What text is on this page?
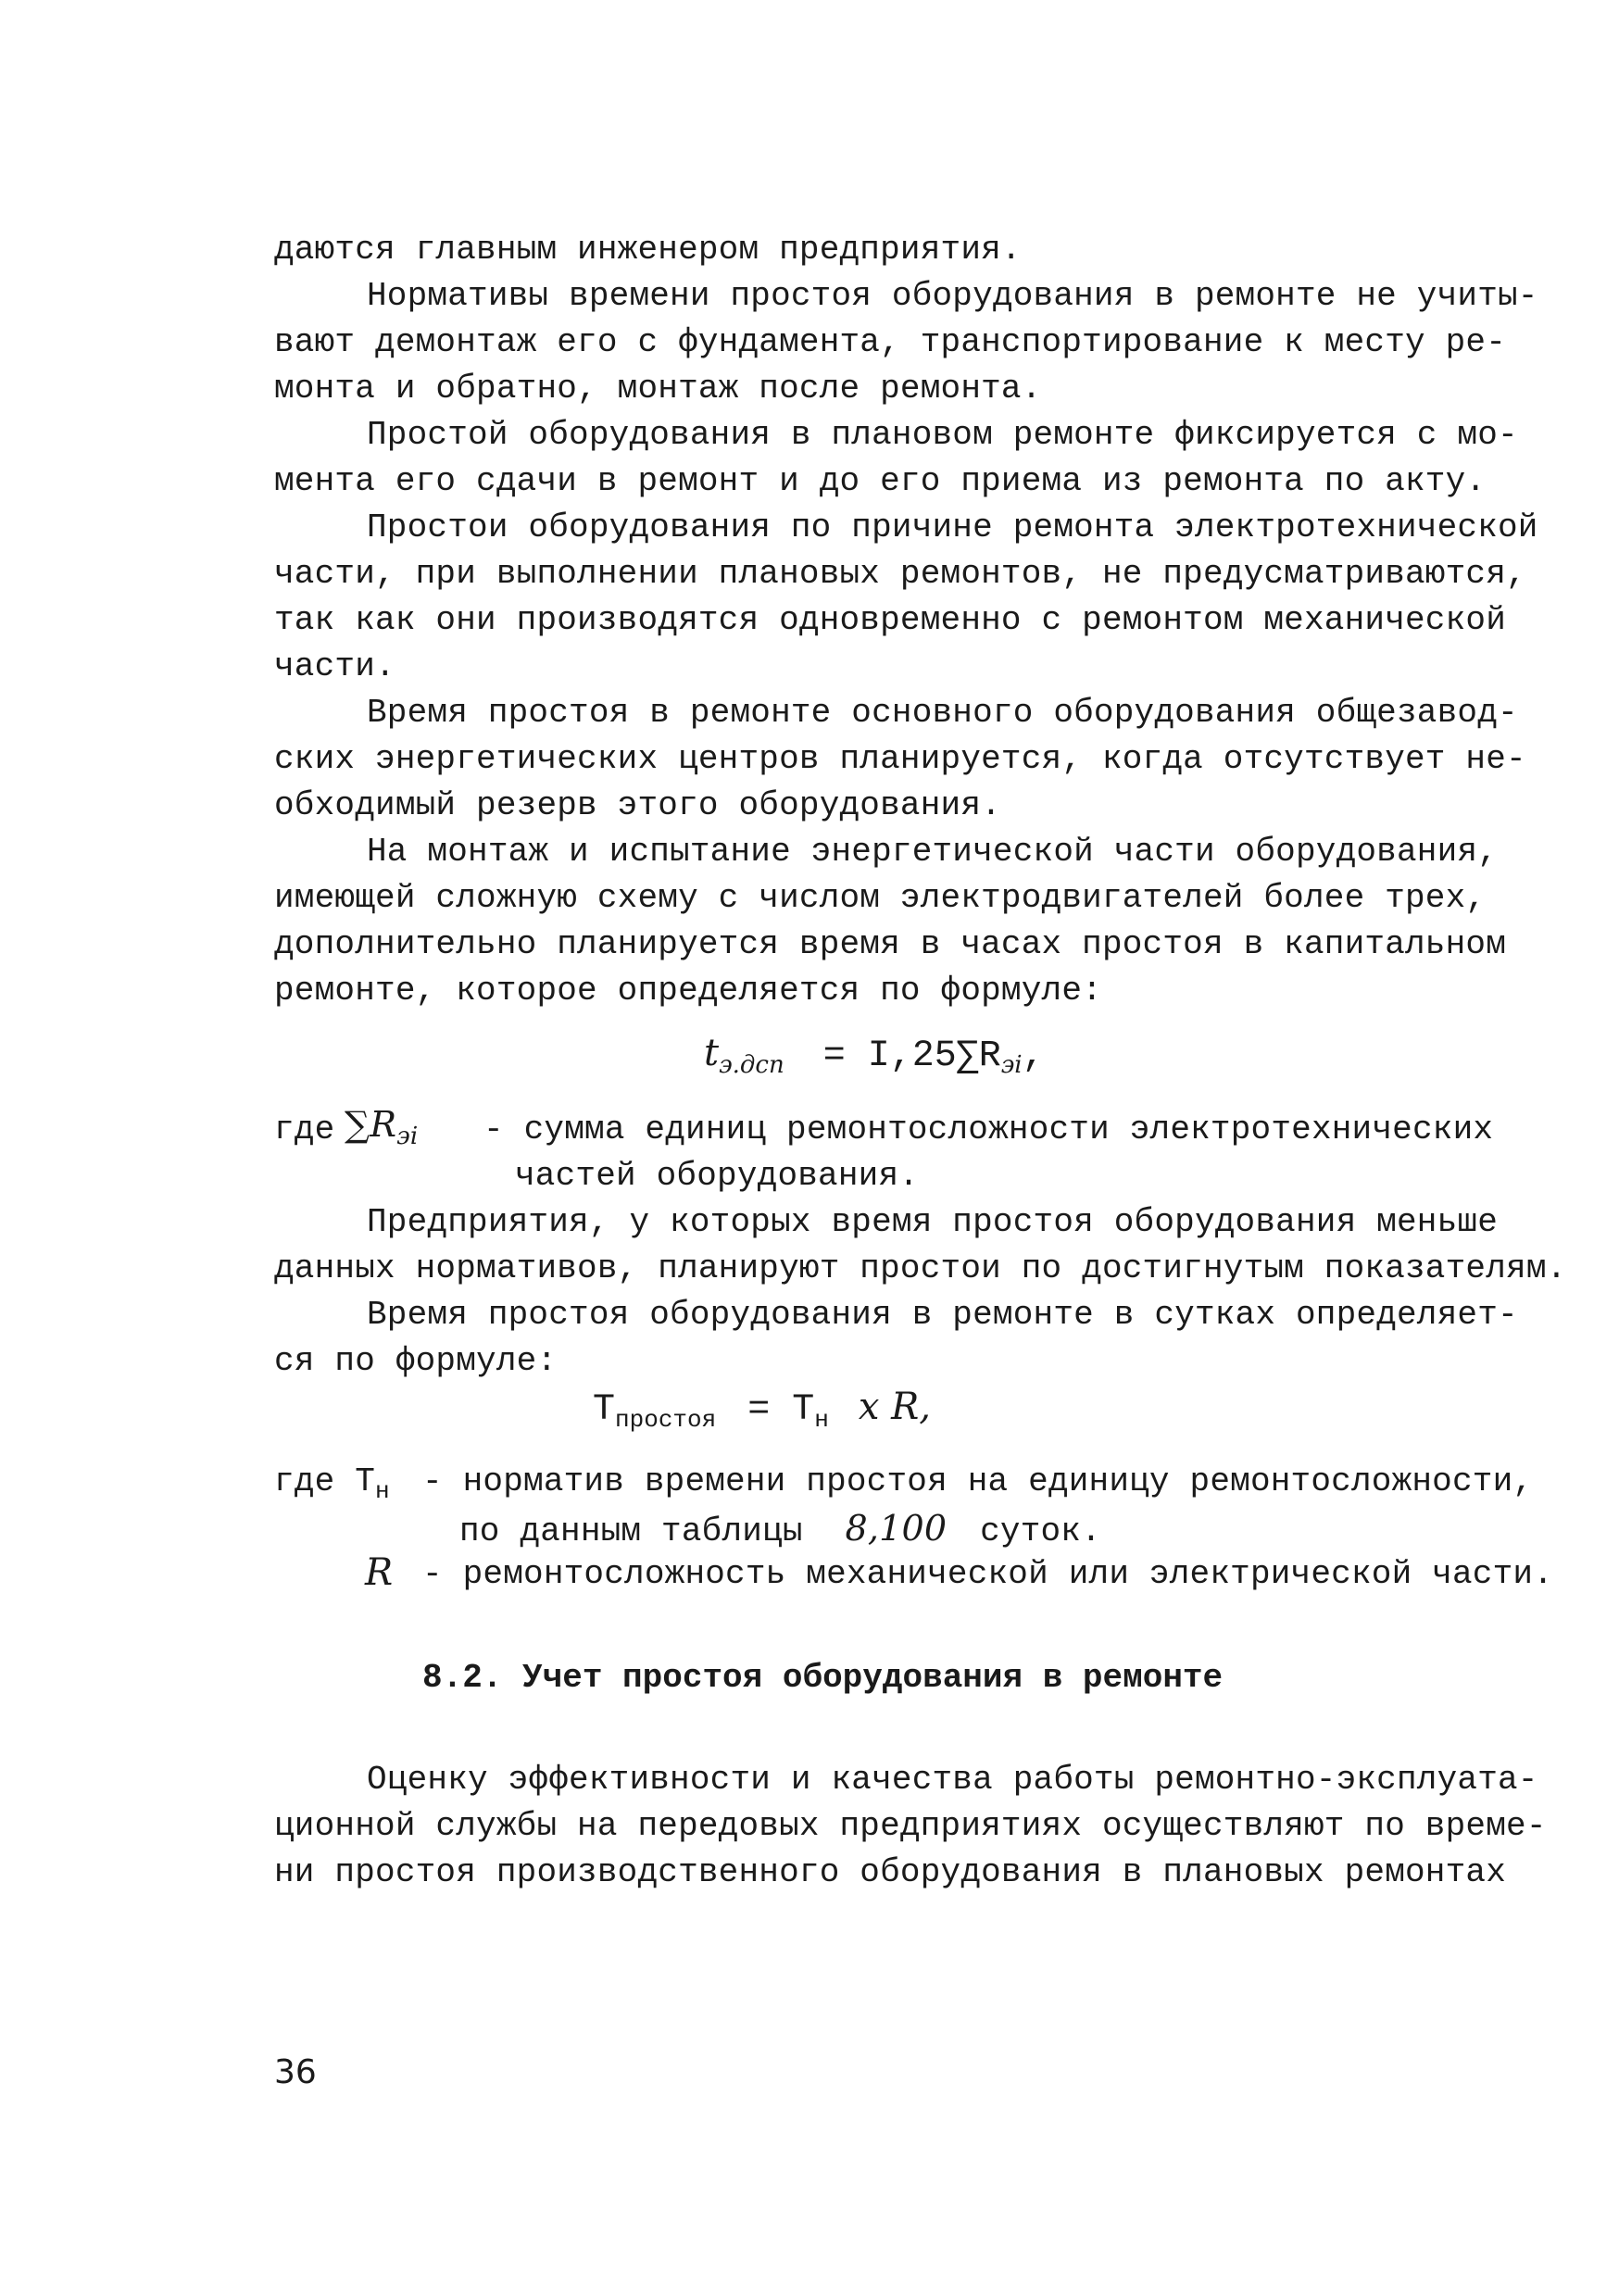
даются главным инженером предприятия.
Нормативы времени простоя оборудования в ремонте не учиты-
вают демонтаж его с фундамента, транспортирование к месту ре-
монта и обратно, монтаж после ремонта.
Простой оборудования в плановом ремонте фиксируется с мо-
мента его сдачи в ремонт и до его приема из ремонта по акту.
Простои оборудования по причине ремонта электротехнической
части, при выполнении плановых ремонтов, не предусматриваются,
так как они производятся одновременно с ремонтом механической
части.
Время простоя в ремонте основного оборудования общезавод-
ских энергетических центров планируется, когда отсутствует не-
обходимый резерв этого оборудования.
На монтаж и испытание энергетической части оборудования,
имеющей сложную схему с числом электродвигателей более трех,
дополнительно планируется время в часах простоя в капитальном
ремонте, которое определяется по формуле:
$t_{э.дсп} = I,25\sum R_{эi}$,
где $\sum R_{эi}$ - сумма единиц ремонтосложности электротехнических
частей оборудования.
Предприятия, у которых время простоя оборудования меньше
данных нормативов, планируют простои по достигнутым показателям.
Время простоя оборудования в ремонте в сутках определяет-
ся по формуле:
$T_{простоя} = T_н$ x R,
где $T_н$ - норматив времени простоя на единицу ремонтосложности,
по данным таблицы 8,100 суток.
R - ремонтосложность механической или электрической части.
8.2. Учет простоя оборудования в ремонте
Оценку эффективности и качества работы ремонтно-эксплуата-
ционной службы на передовых предприятиях осуществляют по време-
ни простоя производственного оборудования в плановых ремонтах
36
